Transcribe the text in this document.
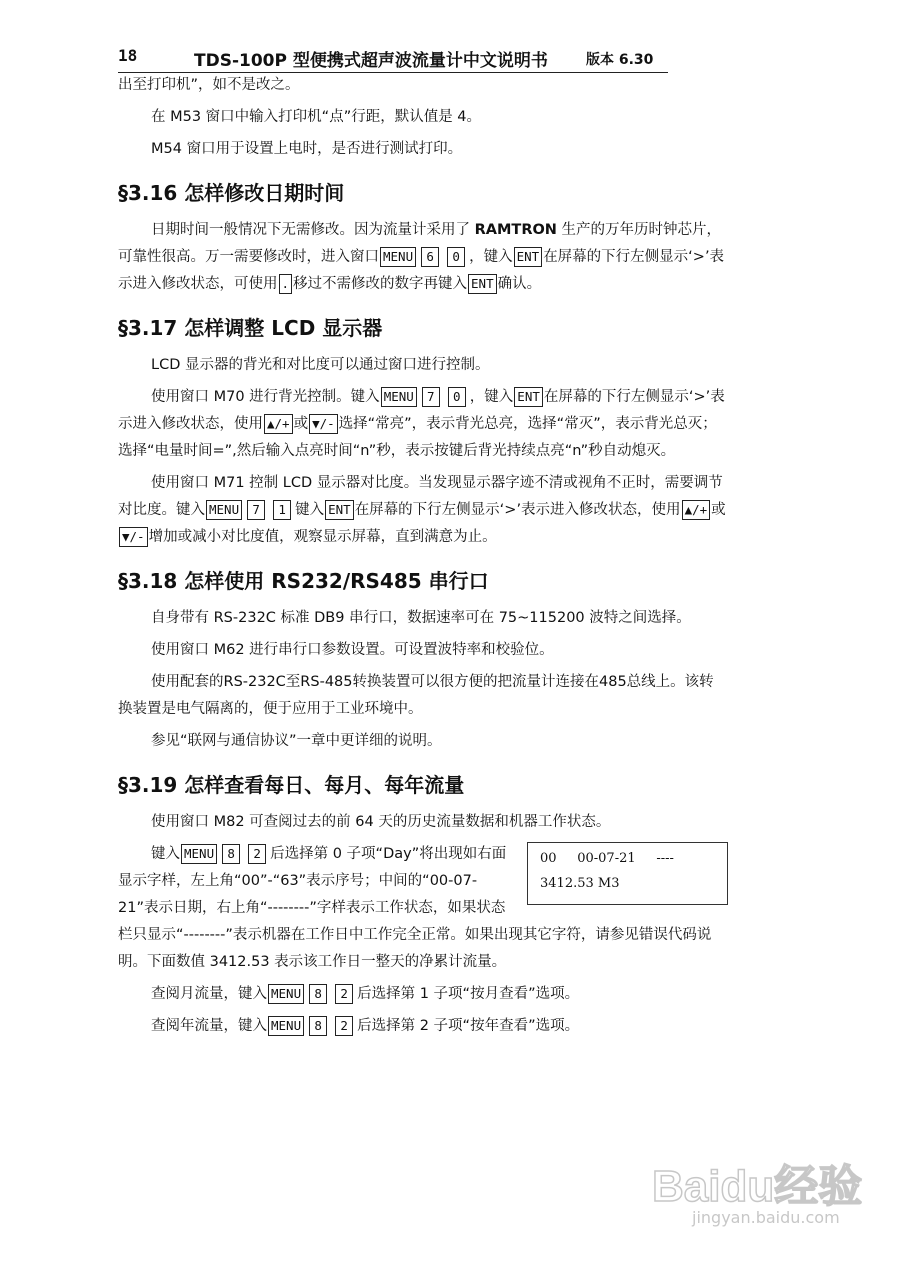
18	TDS-100P 型便携式超声波流量计中文说明书	版本 6.30

出至打印机”，如不是改之。

在 M53 窗口中输入打印机“点”行距，默认值是 4。

M54 窗口用于设置上电时，是否进行测试打印。

§3.16 怎样修改日期时间

日期时间一般情况下无需修改。因为流量计采用了 RAMTRON 生产的万年历时钟芯片，可靠性很高。万一需要修改时，进入窗口 MENU 6 0 ，键入 ENT 在屏幕的下行左侧显示‘>’表示进入修改状态，可使用 . 移过不需修改的数字再键入 ENT 确认。

§3.17 怎样调整 LCD 显示器

LCD 显示器的背光和对比度可以通过窗口进行控制。

使用窗口 M70 进行背光控制。键入 MENU 7 0 ，键入 ENT 在屏幕的下行左侧显示‘>’表示进入修改状态，使用 ▲/+ 或 ▼/- 选择“常亮”，表示背光总亮，选择“常灭”，表示背光总灭；选择“电量时间=”,然后输入点亮时间“n”秒，表示按键后背光持续点亮“n”秒自动熄灭。

使用窗口 M71 控制 LCD 显示器对比度。当发现显示器字迹不清或视角不正时，需要调节对比度。键入 MENU 7 1 键入 ENT 在屏幕的下行左侧显示‘>’表示进入修改状态，使用 ▲/+ 或▼/- 增加或减小对比度值，观察显示屏幕，直到满意为止。

§3.18 怎样使用 RS232/RS485 串行口

自身带有 RS-232C 标准 DB9 串行口，数据速率可在 75~115200 波特之间选择。

使用窗口 M62 进行串行口参数设置。可设置波特率和校验位。

使用配套的RS-232C至RS-485转换装置可以很方便的把流量计连接在485总线上。该转换装置是电气隔离的，便于应用于工业环境中。

参见“联网与通信协议”一章中更详细的说明。

§3.19 怎样查看每日、每月、每年流量

使用窗口 M82 可查阅过去的前 64 天的历史流量数据和机器工作状态。

00 00-07-21 ----
3412.53 M3

键入 MENU 8 2 后选择第 0 子项“Day”将出现如右面显示字样，左上角“00”-“63”表示序号；中间的“00-07-21”表示日期，右上角“--------”字样表示工作状态，如果状态栏只显示“--------”表示机器在工作日中工作完全正常。如果出现其它字符，请参见错误代码说明。下面数值 3412.53 表示该工作日一整天的净累计流量。

查阅月流量，键入 MENU 8 2 后选择第 1 子项“按月查看”选项。

查阅年流量，键入 MENU 8 2 后选择第 2 子项“按年查看”选项。

Baidu经验
jingyan.baidu.com
